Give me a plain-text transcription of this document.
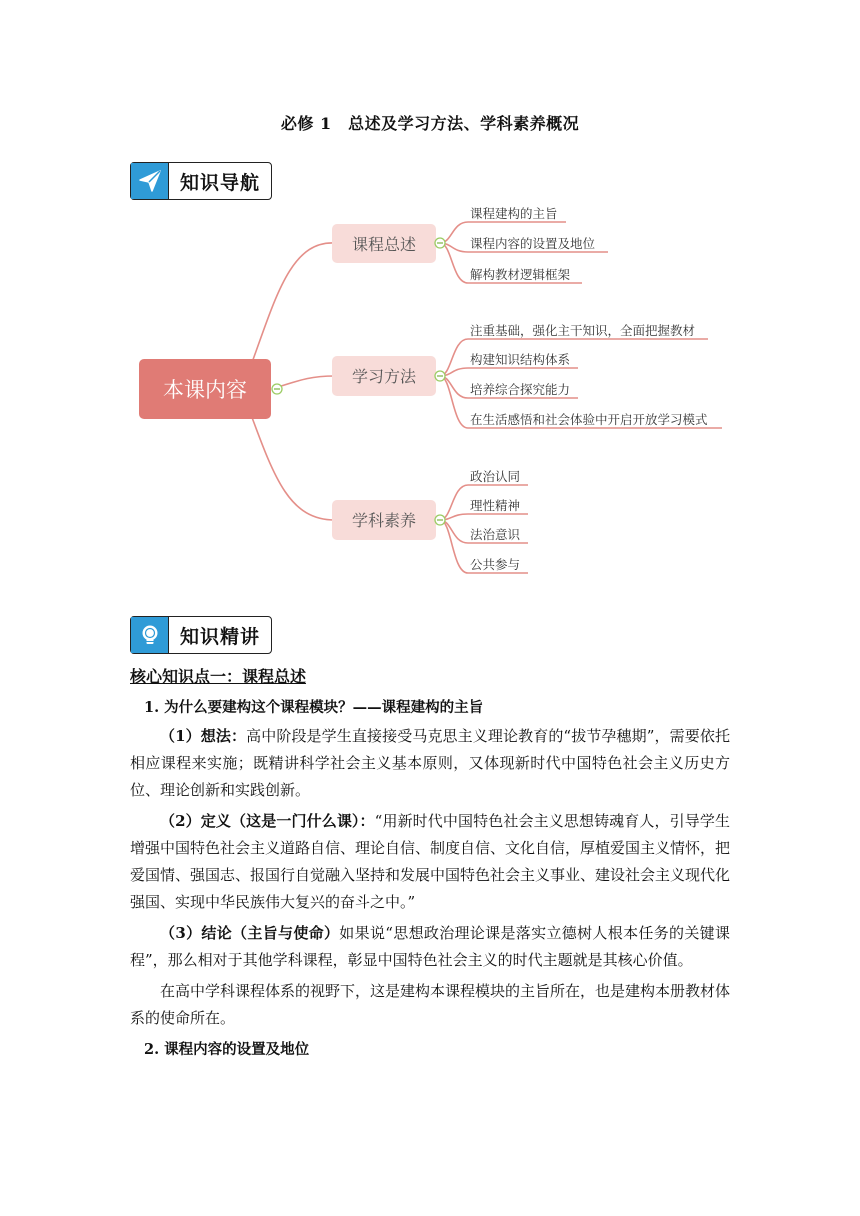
必修 1　总述及学习方法、学科素养概况
知识导航
本课内容
课程总述
学习方法
学科素养
课程建构的主旨
课程内容的设置及地位
解构教材逻辑框架
注重基础，强化主干知识，全面把握教材
构建知识结构体系
培养综合探究能力
在生活感悟和社会体验中开启开放学习模式
政治认同
理性精神
法治意识
公共参与
知识精讲
核心知识点一：课程总述
1. 为什么要建构这个课程模块？——课程建构的主旨

（1）想法：高中阶段是学生直接接受马克思主义理论教育的“拔节孕穗期”，需要依托相应课程来实施；既精讲科学社会主义基本原则，又体现新时代中国特色社会主义历史方位、理论创新和实践创新。

（2）定义（这是一门什么课）：“用新时代中国特色社会主义思想铸魂育人，引导学生增强中国特色社会主义道路自信、理论自信、制度自信、文化自信，厚植爱国主义情怀，把爱国情、强国志、报国行自觉融入坚持和发展中国特色社会主义事业、建设社会主义现代化强国、实现中华民族伟大复兴的奋斗之中。”

（3）结论（主旨与使命）如果说“思想政治理论课是落实立德树人根本任务的关键课程”，那么相对于其他学科课程，彰显中国特色社会主义的时代主题就是其核心价值。

在高中学科课程体系的视野下，这是建构本课程模块的主旨所在，也是建构本册教材体系的使命所在。

2. 课程内容的设置及地位
